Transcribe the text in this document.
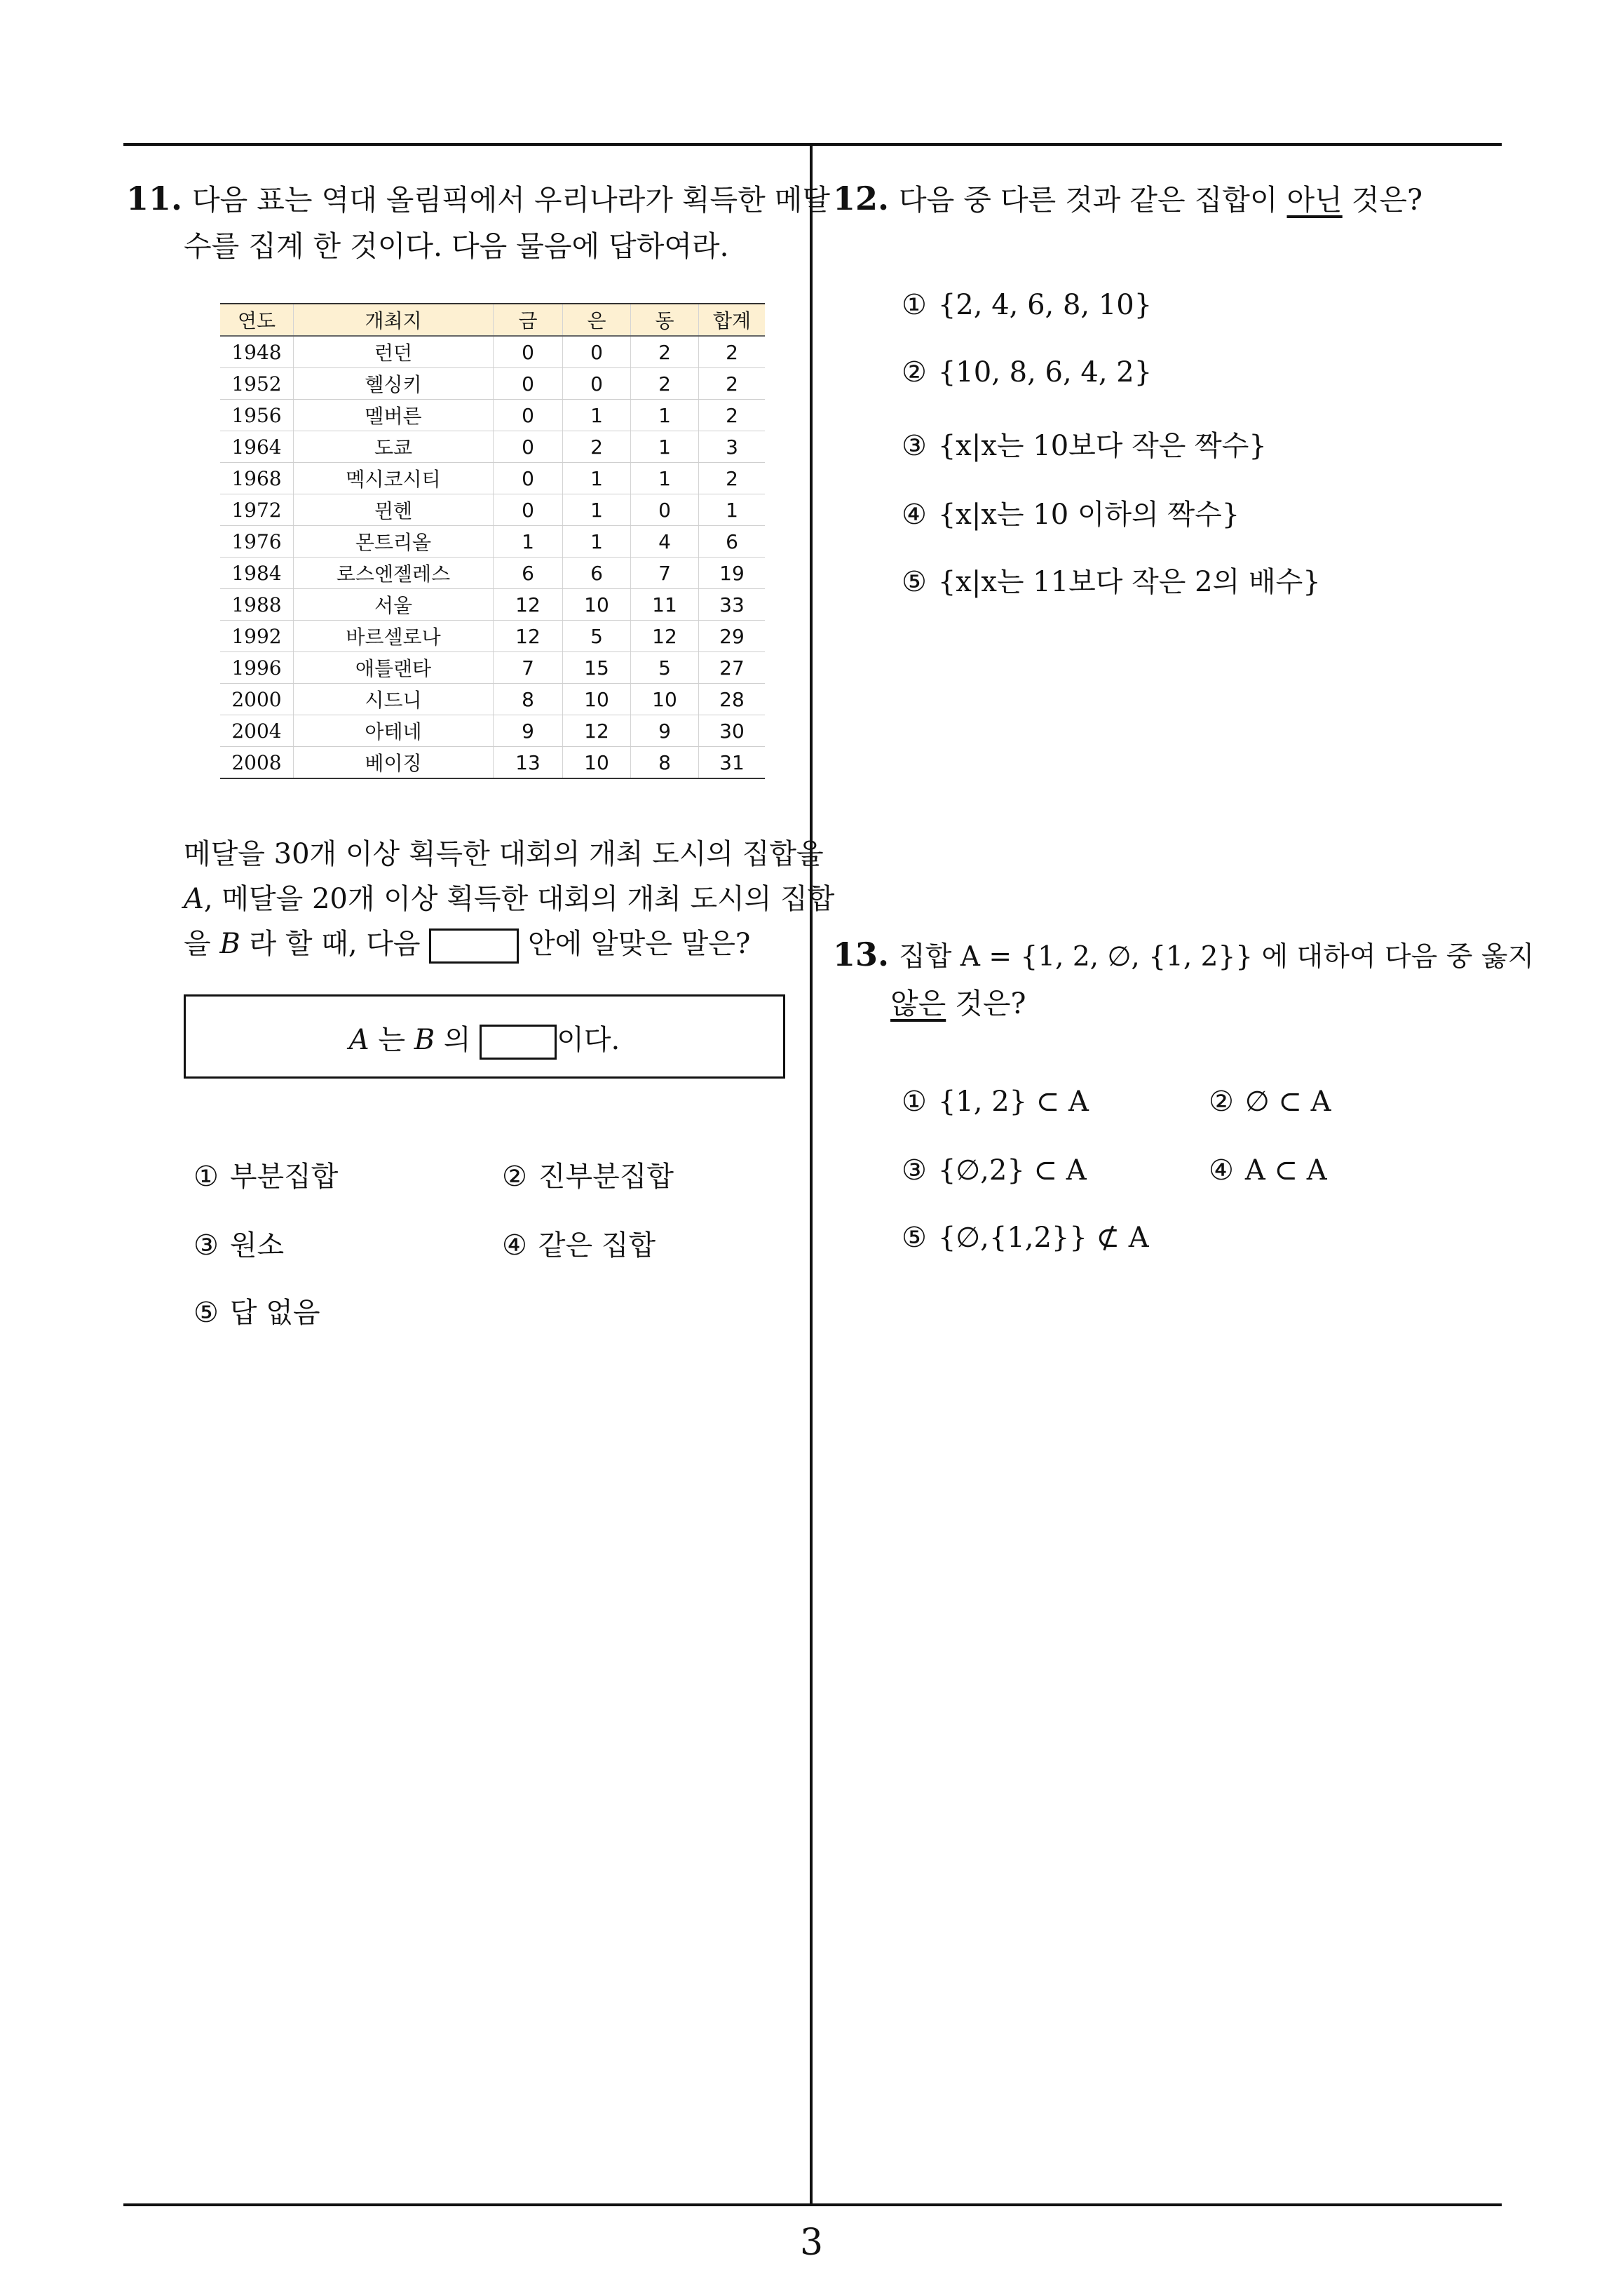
11. 다음 표는 역대 올림픽에서 우리나라가 획득한 메달
수를 집계 한 것이다. 다음 물음에 답하여라.
연도	개최지	금	은	동	합계
1948	런던	0	0	2	2
1952	헬싱키	0	0	2	2
1956	멜버른	0	1	1	2
1964	도쿄	0	2	1	3
1968	멕시코시티	0	1	1	2
1972	뮌헨	0	1	0	1
1976	몬트리올	1	1	4	6
1984	로스엔젤레스	6	6	7	19
1988	서울	12	10	11	33
1992	바르셀로나	12	5	12	29
1996	애틀랜타	7	15	5	27
2000	시드니	8	10	10	28
2004	아테네	9	12	9	30
2008	베이징	13	10	8	31
메달을 30개 이상 획득한 대회의 개최 도시의 집합을
A, 메달을 20개 이상 획득한 대회의 개최 도시의 집합
을 B 라 할 때, 다음	안에 알맞은 말은?
A 는 B 의	이다.
① 부분집합	② 진부분집합
③ 원소	④ 같은 집합
⑤ 답 없음
12. 다음 중 다른 것과 같은 집합이 아닌 것은?
① {2, 4, 6, 8, 10}
② {10, 8, 6, 4, 2}
③ {x|x는 10보다 작은 짝수}
④ {x|x는 10 이하의 짝수}
⑤ {x|x는 11보다 작은 2의 배수}
13. 집합 A = {1, 2, ∅, {1, 2}} 에 대하여 다음 중 옳지
않은 것은?
① {1, 2} ⊂ A	② ∅ ⊂ A
③ {∅,2} ⊂ A	④ A ⊂ A
⑤ {∅,{1,2}} ⊄ A
3
